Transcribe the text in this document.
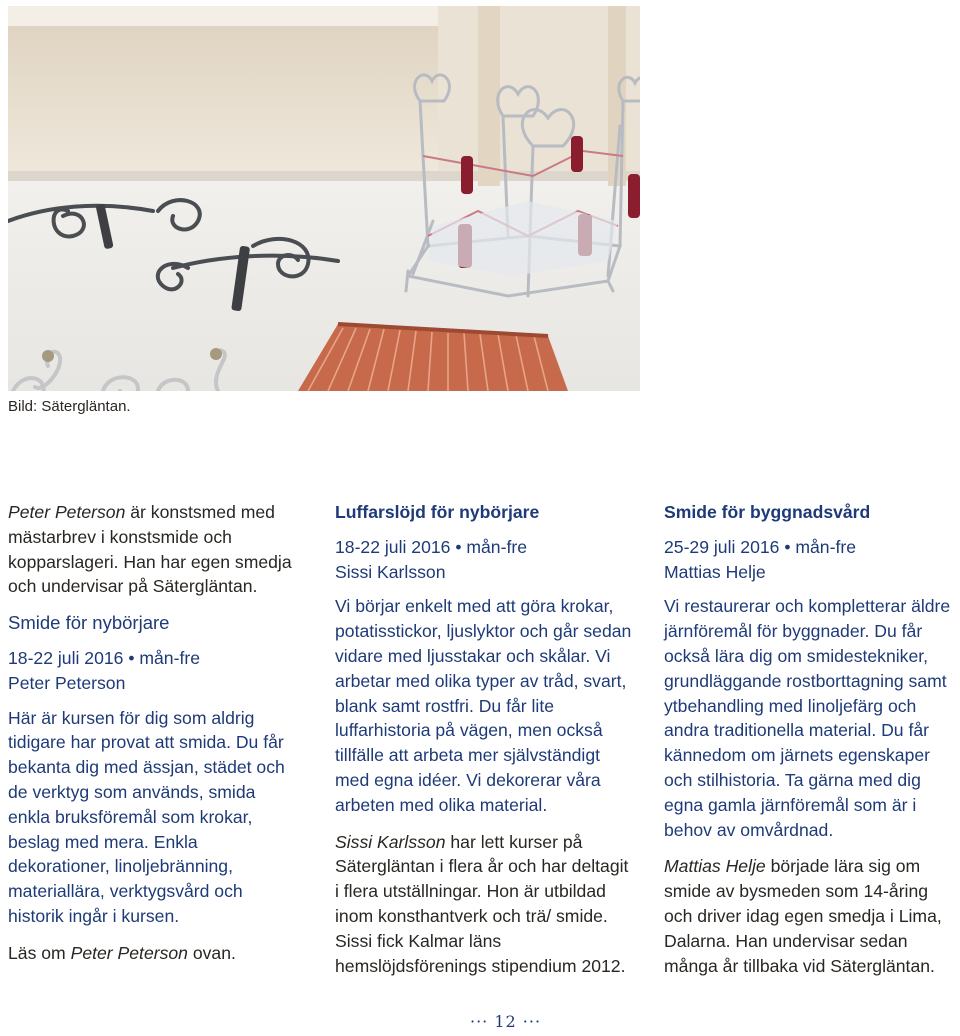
Bild: Sätergläntan.

Peter Peterson är konstsmed med mästarbrev i konstsmide och kopparslageri. Han har egen smedja och undervisar på Sätergläntan.

Smide för nybörjare

18-22 juli 2016 • mån-fre
Peter Peterson

Här är kursen för dig som aldrig tidigare har provat att smida. Du får bekanta dig med ässjan, städet och de verktyg som används, smida enkla bruksföremål som krokar, beslag med mera. Enkla dekorationer, linoljebränning, materiallära, verktygsvård och historik ingår i kursen.

Läs om Peter Peterson ovan.

Luffarslöjd för nybörjare

18-22 juli 2016 • mån-fre
Sissi Karlsson

Vi börjar enkelt med att göra krokar, potatisstickor, ljuslyktor och går sedan vidare med ljusstakar och skålar. Vi arbetar med olika typer av tråd, svart, blank samt rostfri. Du får lite luffarhistoria på vägen, men också tillfälle att arbeta mer självständigt med egna idéer. Vi dekorerar våra arbeten med olika material.

Sissi Karlsson har lett kurser på Sätergläntan i flera år och har deltagit i flera utställningar. Hon är utbildad inom konsthantverk och trä/ smide. Sissi fick Kalmar läns hemslöjdsförenings stipendium 2012.

Smide för byggnadsvård

25-29 juli 2016 • mån-fre
Mattias Helje

Vi restaurerar och kompletterar äldre järnföremål för byggnader. Du får också lära dig om smidestekniker, grundläggande rostborttagning samt ytbehandling med linoljefärg och andra traditionella material. Du får kännedom om järnets egenskaper och stilhistoria. Ta gärna med dig egna gamla järnföremål som är i behov av omvårdnad.

Mattias Helje började lära sig om smide av bysmeden som 14-åring och driver idag egen smedja i Lima, Dalarna. Han undervisar sedan många år tillbaka vid Sätergläntan.

··· 12 ···
